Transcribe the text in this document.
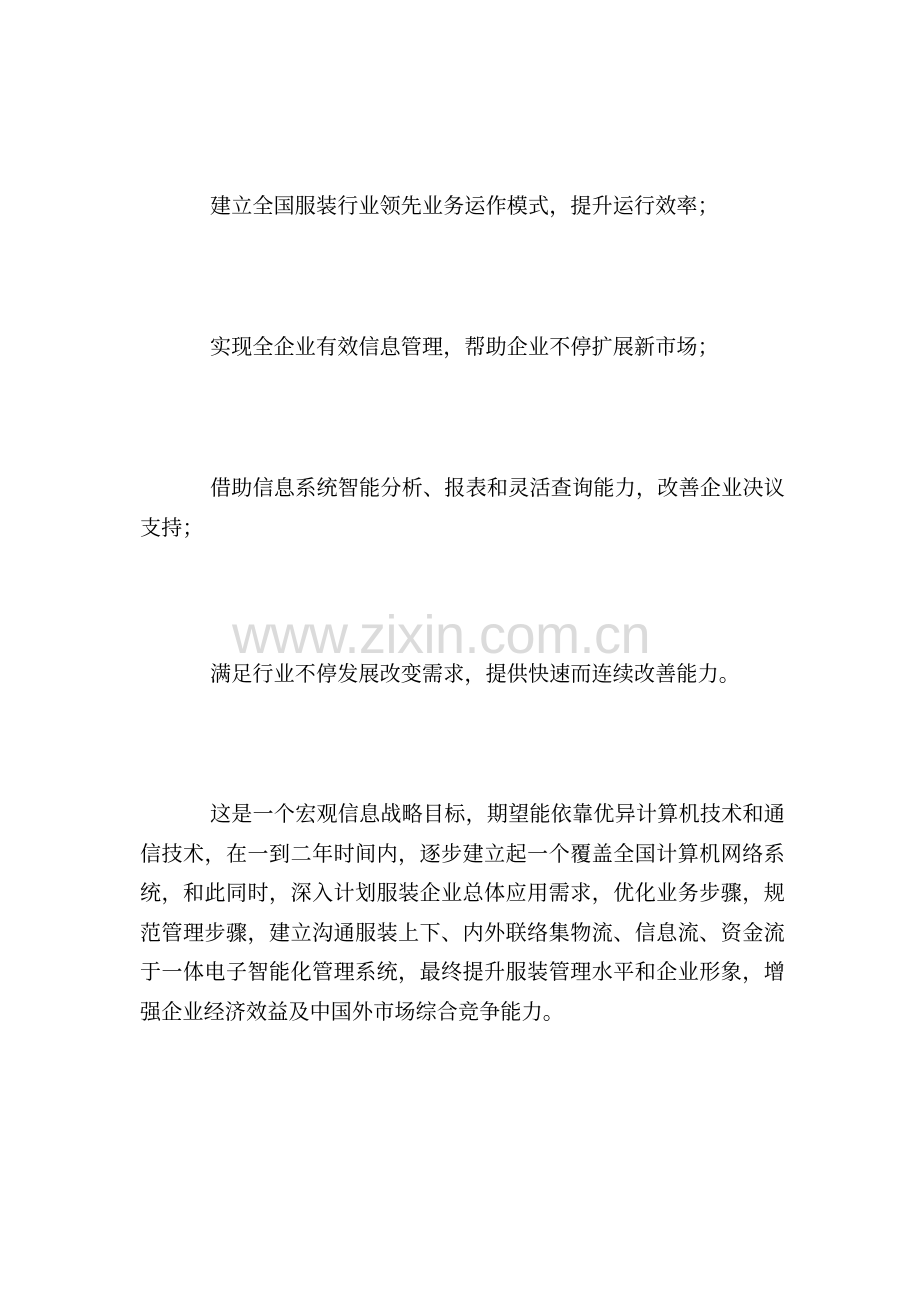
建立全国服装行业领先业务运作模式，提升运行效率；

实现全企业有效信息管理，帮助企业不停扩展新市场；

借助信息系统智能分析、报表和灵活查询能力，改善企业决议支持；

www.zixin.com.cn

满足行业不停发展改变需求，提供快速而连续改善能力。

这是一个宏观信息战略目标，期望能依靠优异计算机技术和通信技术，在一到二年时间内，逐步建立起一个覆盖全国计算机网络系统，和此同时，深入计划服装企业总体应用需求，优化业务步骤，规范管理步骤，建立沟通服装上下、内外联络集物流、信息流、资金流于一体电子智能化管理系统，最终提升服装管理水平和企业形象，增强企业经济效益及中国外市场综合竞争能力。
